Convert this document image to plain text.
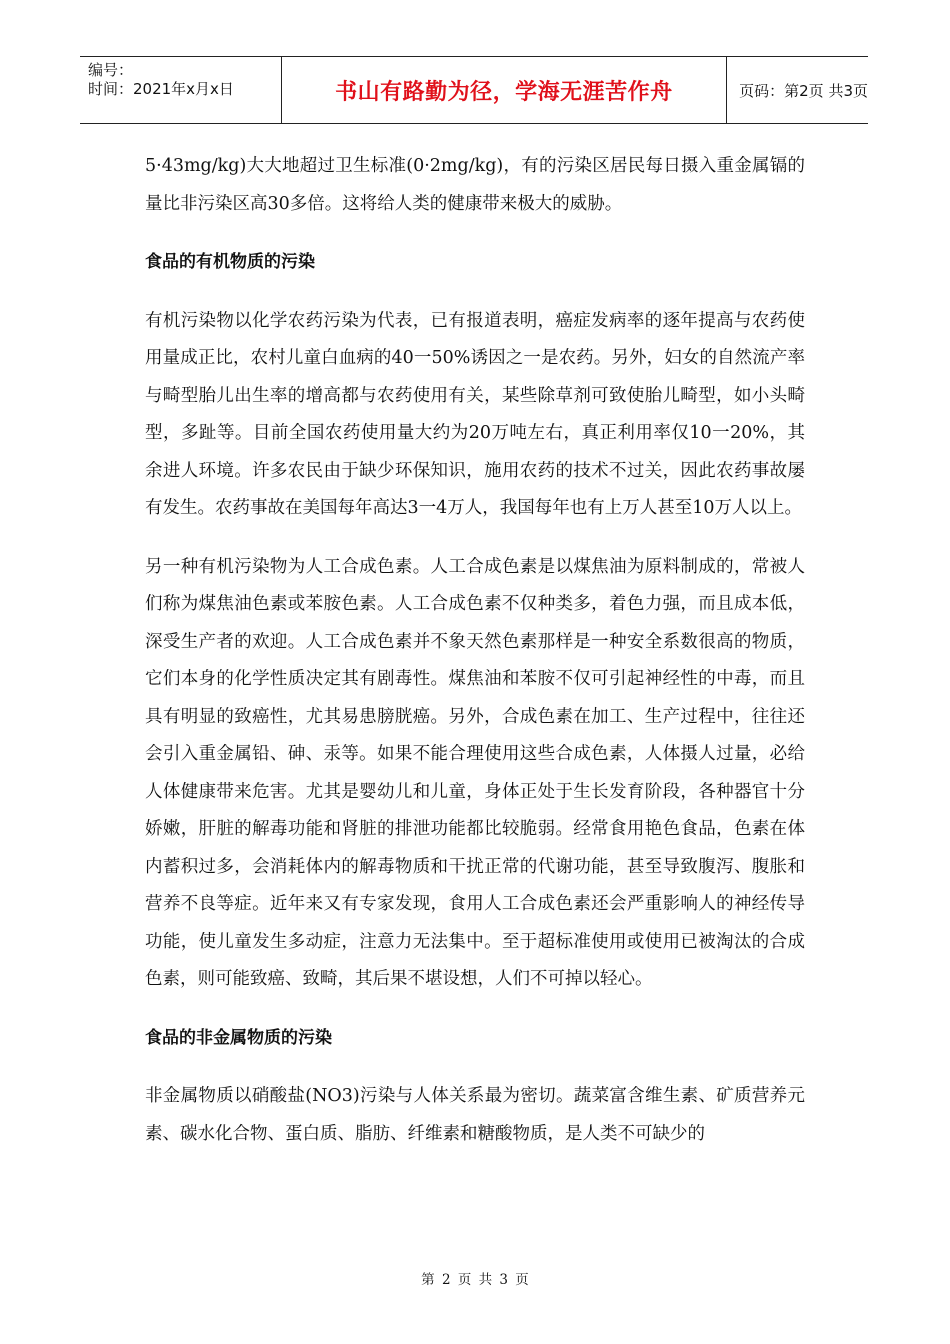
编号：
时间：2021年x月x日	书山有路勤为径，学海无涯苦作舟	页码：第2页 共3页

5·43mg/kg)大大地超过卫生标准(0·2mg/kg)，有的污染区居民每日摄入重金属镉的量比非污染区高30多倍。这将给人类的健康带来极大的威胁。

食品的有机物质的污染

有机污染物以化学农药污染为代表，已有报道表明，癌症发病率的逐年提高与农药使用量成正比，农村儿童白血病的40一50%诱因之一是农药。另外，妇女的自然流产率与畸型胎儿出生率的增高都与农药使用有关，某些除草剂可致使胎儿畸型，如小头畸型，多趾等。目前全国农药使用量大约为20万吨左右，真正利用率仅10一20%，其余进人环境。许多农民由于缺少环保知识，施用农药的技术不过关，因此农药事故屡有发生。农药事故在美国每年高达3一4万人，我国每年也有上万人甚至10万人以上。

另一种有机污染物为人工合成色素。人工合成色素是以煤焦油为原料制成的，常被人们称为煤焦油色素或苯胺色素。人工合成色素不仅种类多，着色力强，而且成本低，深受生产者的欢迎。人工合成色素并不象天然色素那样是一种安全系数很高的物质，它们本身的化学性质决定其有剧毒性。煤焦油和苯胺不仅可引起神经性的中毒，而且具有明显的致癌性，尤其易患膀胱癌。另外，合成色素在加工、生产过程中，往往还会引入重金属铅、砷、汞等。如果不能合理使用这些合成色素，人体摄人过量，必给人体健康带来危害。尤其是婴幼儿和儿童，身体正处于生长发育阶段，各种器官十分娇嫩，肝脏的解毒功能和肾脏的排泄功能都比较脆弱。经常食用艳色食品，色素在体内蓄积过多，会消耗体内的解毒物质和干扰正常的代谢功能，甚至导致腹泻、腹胀和营养不良等症。近年来又有专家发现，食用人工合成色素还会严重影响人的神经传导功能，使儿童发生多动症，注意力无法集中。至于超标准使用或使用已被淘汰的合成色素，则可能致癌、致畸，其后果不堪设想，人们不可掉以轻心。

食品的非金属物质的污染

非金属物质以硝酸盐(NO3)污染与人体关系最为密切。蔬菜富含维生素、矿质营养元素、碳水化合物、蛋白质、脂肪、纤维素和糖酸物质，是人类不可缺少的

第 2 页 共 3 页
